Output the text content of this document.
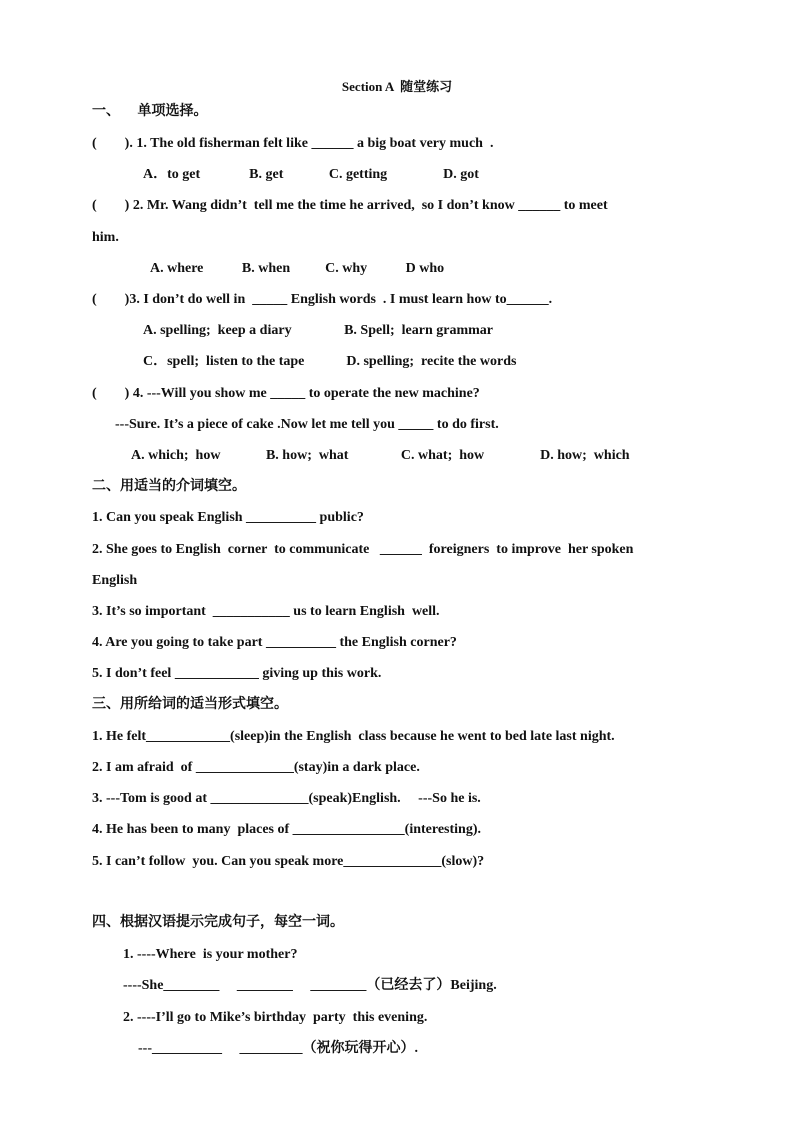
Section A  随堂练习
一、     单项选择。
(        ). 1. The old fisherman felt like ______ a big boat very much  .
A．to get              B. get             C. getting                D. got
(        ) 2. Mr. Wang didn’t  tell me the time he arrived,  so I don’t know ______ to meet
him.
A. where           B. when          C. why           D who
(        )3. I don’t do well in  _____ English words  . I must learn how to______.
A. spelling;  keep a diary               B. Spell;  learn grammar
C．spell;  listen to the tape            D. spelling;  recite the words
(        ) 4. ---Will you show me _____ to operate the new machine?
---Sure. It’s a piece of cake .Now let me tell you _____ to do first.
A. which;  how             B. how;  what               C. what;  how                D. how;  which
二、用适当的介词填空。
1. Can you speak English __________ public?
2. She goes to English  corner  to communicate   ______  foreigners  to improve  her spoken
English
3. It’s so important  ___________ us to learn English  well.
4. Are you going to take part __________ the English corner?
5. I don’t feel ____________ giving up this work.
三、用所给词的适当形式填空。
1. He felt____________(sleep)in the English  class because he went to bed late last night.
2. I am afraid  of ______________(stay)in a dark place.
3. ---Tom is good at ______________(speak)English.     ---So he is.
4. He has been to many  places of ________________(interesting).
5. I can’t follow  you. Can you speak more______________(slow)?
四、根据汉语提示完成句子，每空一词。
1. ----Where  is your mother?
----She________     ________     ________（已经去了）Beijing.
2. ----I’ll go to Mike’s birthday  party  this evening.
---__________     _________（祝你玩得开心）.
